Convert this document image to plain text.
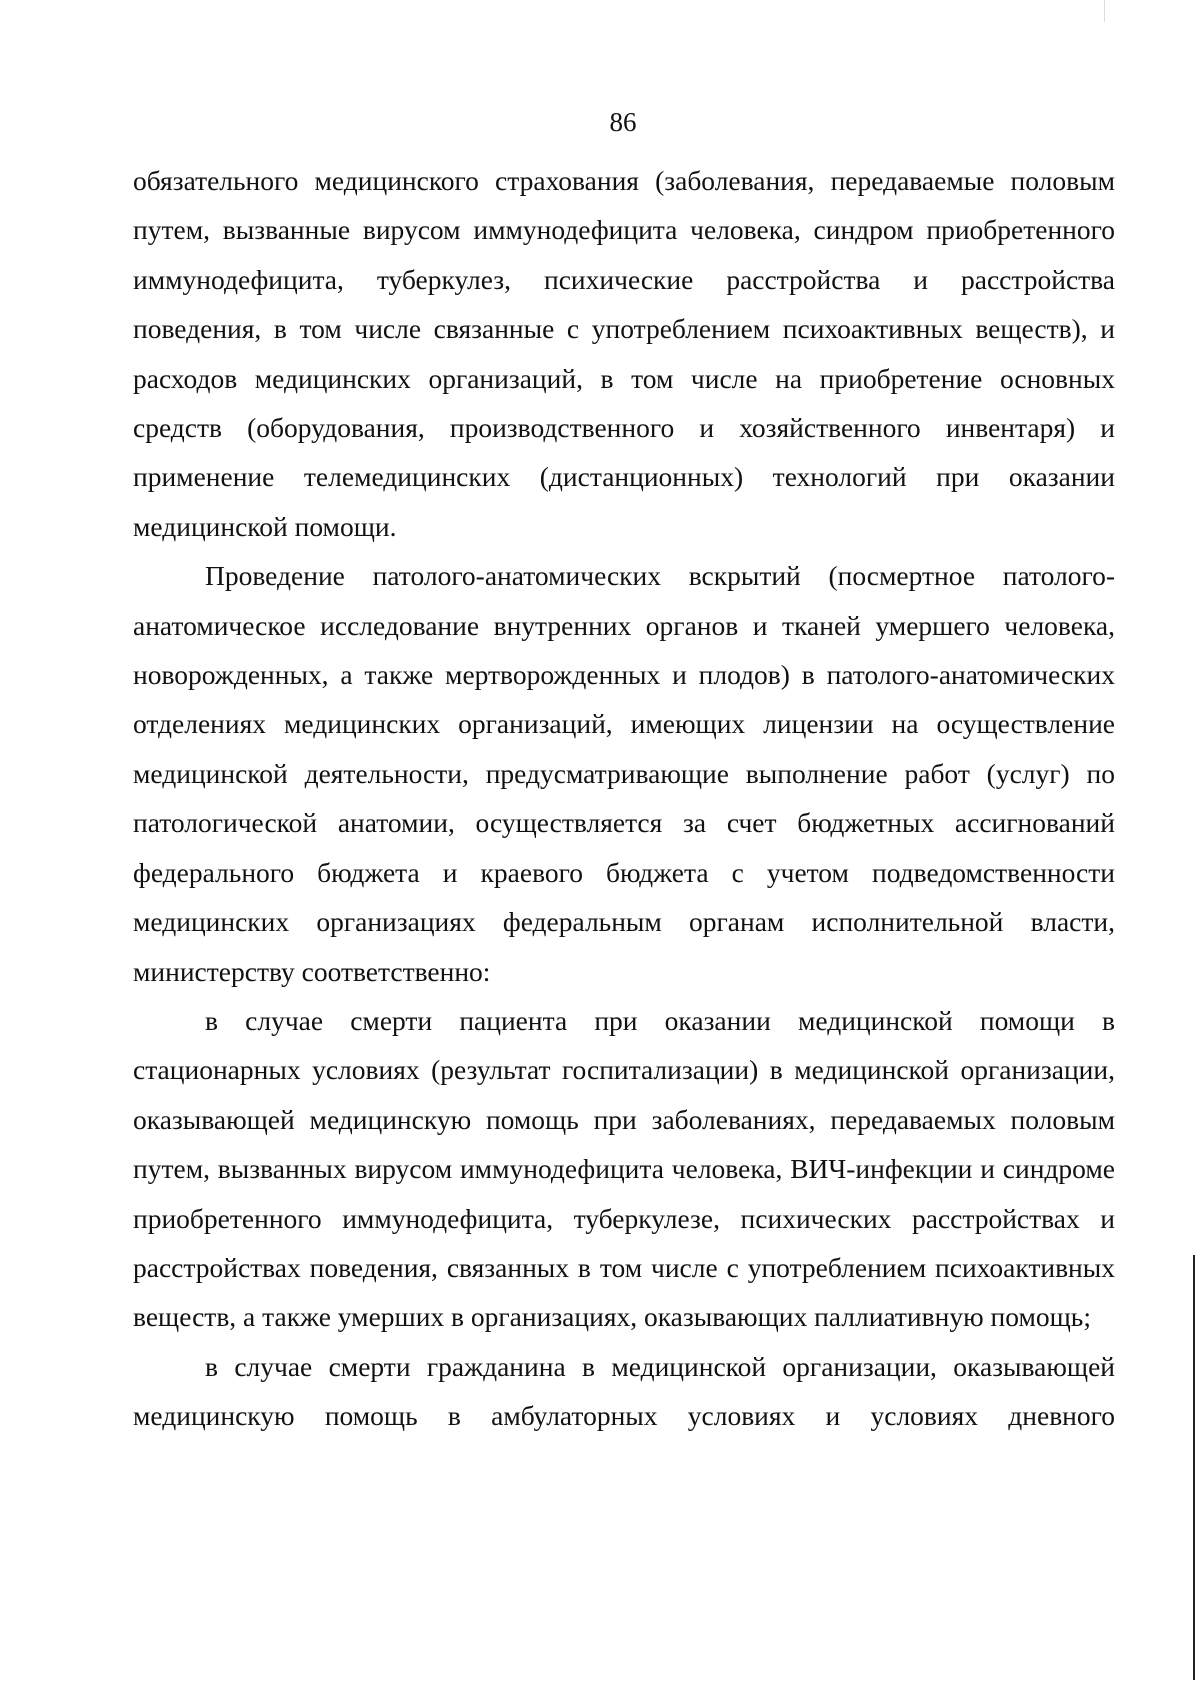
86

обязательного медицинского страхования (заболевания, передаваемые половым путем, вызванные вирусом иммунодефицита человека, синдром приобретенного иммунодефицита, туберкулез, психические расстройства и расстройства поведения, в том числе связанные с употреблением психоактивных веществ), и расходов медицинских организаций, в том числе на приобретение основных средств (оборудования, производственного и хозяйственного инвентаря) и применение телемедицинских (дистанционных) технологий при оказании медицинской помощи.

Проведение патолого-анатомических вскрытий (посмертное патолого-анатомическое исследование внутренних органов и тканей умершего человека, новорожденных, а также мертворожденных и плодов) в патолого-анатомических отделениях медицинских организаций, имеющих лицензии на осуществление медицинской деятельности, предусматривающие выполнение работ (услуг) по патологической анатомии, осуществляется за счет бюджетных ассигнований федерального бюджета и краевого бюджета с учетом подведомственности медицинских организациях федеральным органам исполнительной власти, министерству соответственно:

в случае смерти пациента при оказании медицинской помощи в стационарных условиях (результат госпитализации) в медицинской организации, оказывающей медицинскую помощь при заболеваниях, передаваемых половым путем, вызванных вирусом иммунодефицита человека, ВИЧ-инфекции и синдроме приобретенного иммунодефицита, туберкулезе, психических расстройствах и расстройствах поведения, связанных в том числе с употреблением психоактивных веществ, а также умерших в организациях, оказывающих паллиативную помощь;

в случае смерти гражданина в медицинской организации, оказывающей медицинскую помощь в амбулаторных условиях и условиях дневного
